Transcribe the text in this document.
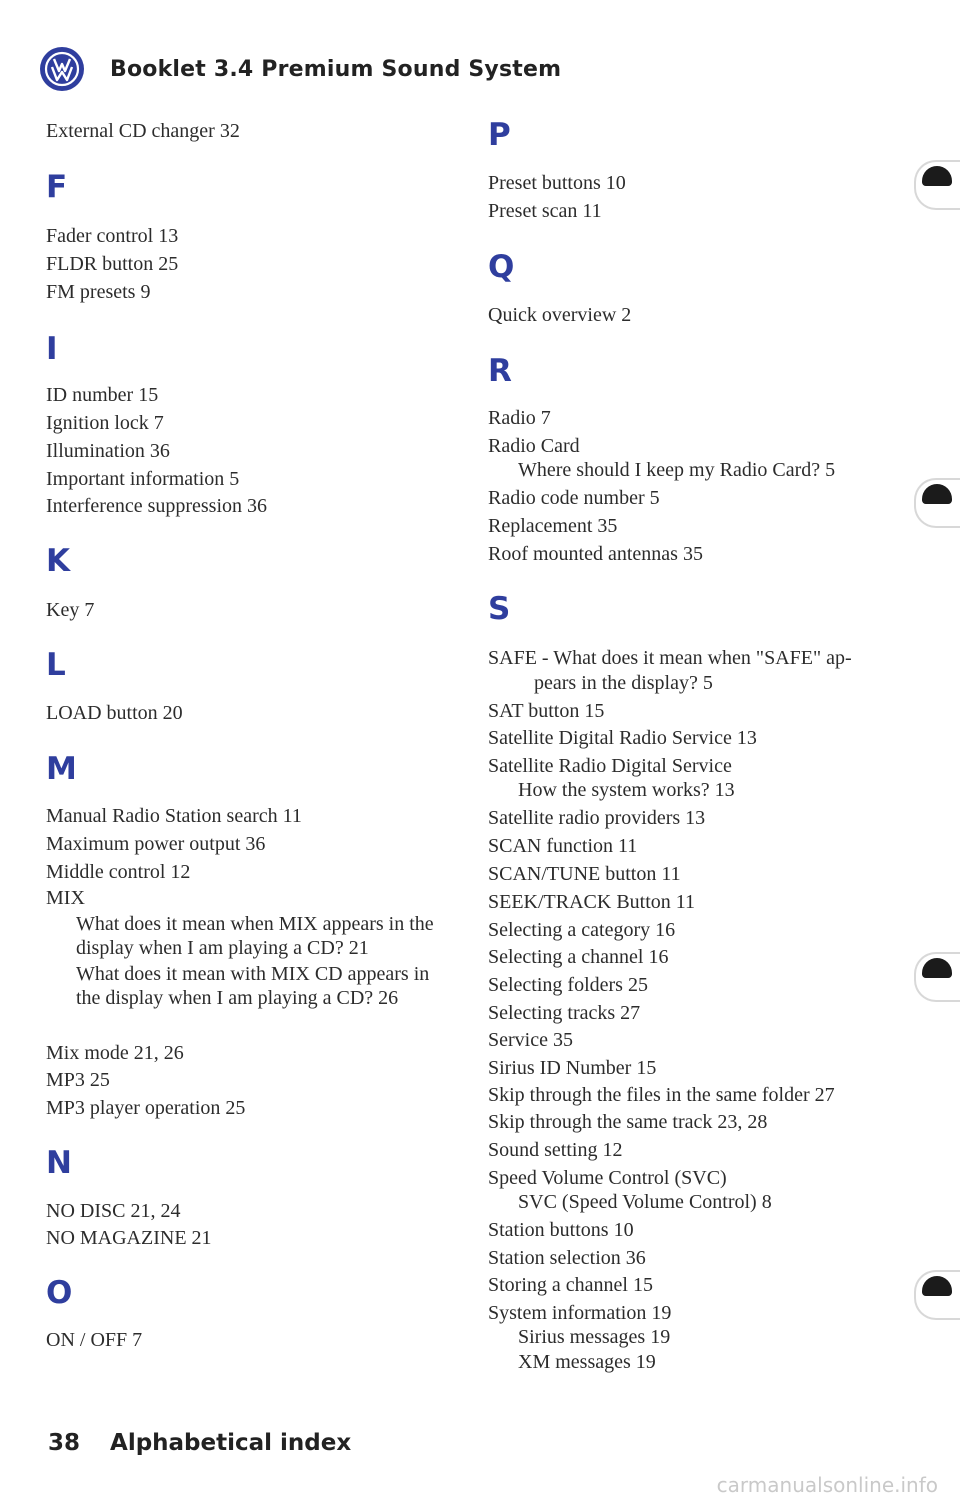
Booklet 3.4 Premium Sound System
External CD changer 32
F
Fader control 13
FLDR button 25
FM presets 9
I
ID number 15
Ignition lock 7
Illumination 36
Important information 5
Interference suppression 36
K
Key 7
L
LOAD button 20
M
Manual Radio Station search 11
Maximum power output 36
Middle control 12
MIX
What does it mean when MIX appears in the display when I am playing a CD? 21
What does it mean with MIX CD appears in the display when I am playing a CD? 26
Mix mode 21, 26
MP3 25
MP3 player operation 25
N
NO DISC 21, 24
NO MAGAZINE 21
O
ON / OFF 7
P
Preset buttons 10
Preset scan 11
Q
Quick overview 2
R
Radio 7
Radio Card
Where should I keep my Radio Card? 5
Radio code number 5
Replacement 35
Roof mounted antennas 35
S
SAFE - What does it mean when "SAFE" ap-
pears in the display? 5
SAT button 15
Satellite Digital Radio Service 13
Satellite Radio Digital Service
How the system works? 13
Satellite radio providers 13
SCAN function 11
SCAN/TUNE button 11
SEEK/TRACK Button 11
Selecting a category 16
Selecting a channel 16
Selecting folders 25
Selecting tracks 27
Service 35
Sirius ID Number 15
Skip through the files in the same folder 27
Skip through the same track 23, 28
Sound setting 12
Speed Volume Control (SVC)
SVC (Speed Volume Control) 8
Station buttons 10
Station selection 36
Storing a channel 15
System information 19
Sirius messages 19
XM messages 19
38 Alphabetical index
carmanualsonline.info
